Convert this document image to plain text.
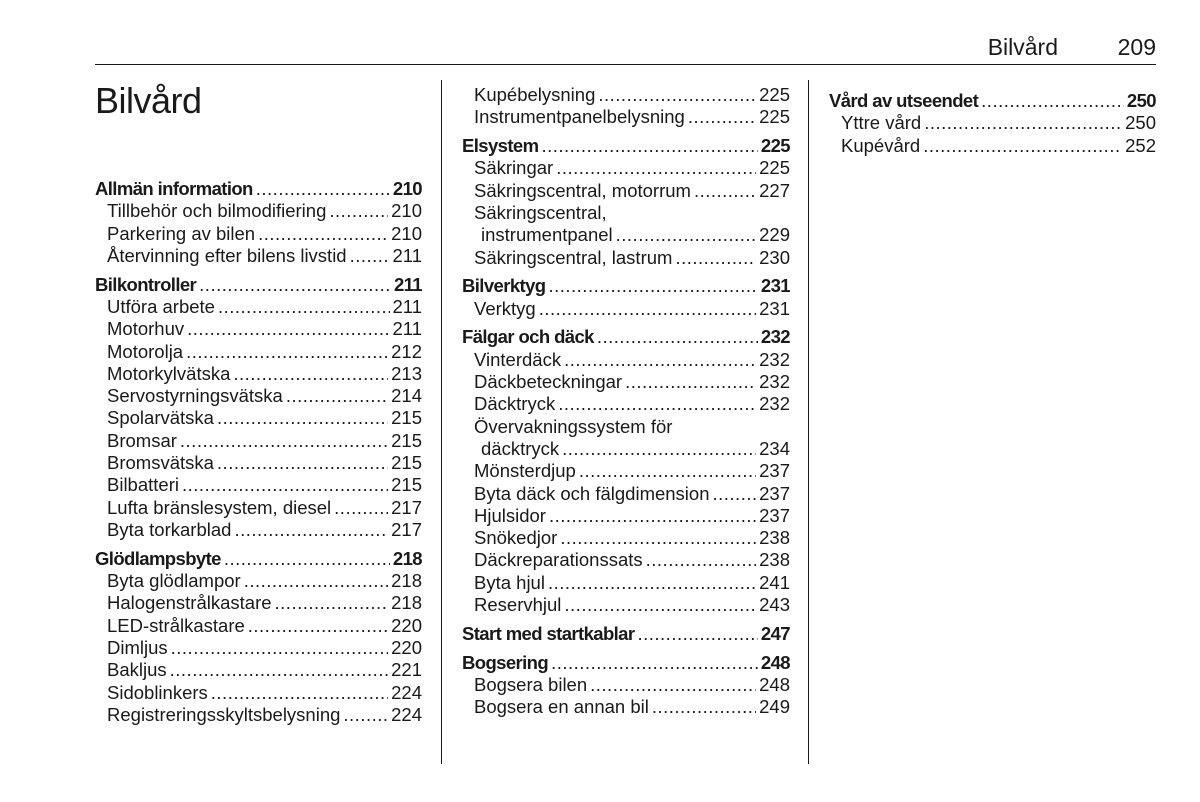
Bilvård	209
Bilvård
Allmän information .....	210
Tillbehör och bilmodifiering .....	210
Parkering av bilen .....	210
Återvinning efter bilens livstid ..... 211
Bilkontroller .....	211
Utföra arbete .....	211
Motorhuv .....	211
Motorolja .....	212
Motorkylvätska .....	213
Servostyrningsvätska .....	214
Spolarvätska .....	215
Bromsar .....	215
Bromsvätska .....	215
Bilbatteri .....	215
Lufta bränslesystem, diesel .....	217
Byta torkarblad .....	217
Glödlampsbyte .....	218
Byta glödlampor .....	218
Halogenstrålkastare .....	218
LED-strålkastare .....	220
Dimljus .....	220
Bakljus .....	221
Sidoblinkers .....	224
Registreringsskyltsbelysning .....	224
Kupébelysning .....	225
Instrumentpanelbelysning .....	225
Elsystem .....	225
Säkringar .....	225
Säkringscentral, motorrum .....	227
Säkringscentral,
instrumentpanel .....	229
Säkringscentral, lastrum .....	230
Bilverktyg .....	231
Verktyg .....	231
Fälgar och däck .....	232
Vinterdäck .....	232
Däckbeteckningar .....	232
Däcktryck .....	232
Övervakningssystem för
däcktryck .....	234
Mönsterdjup .....	237
Byta däck och fälgdimension .....	237
Hjulsidor .....	237
Snökedjor .....	238
Däckreparationssats .....	238
Byta hjul .....	241
Reservhjul .....	243
Start med startkablar .....	247
Bogsering .....	248
Bogsera bilen .....	248
Bogsera en annan bil .....	249
Vård av utseendet .....	250
Yttre vård .....	250
Kupévård .....	252
